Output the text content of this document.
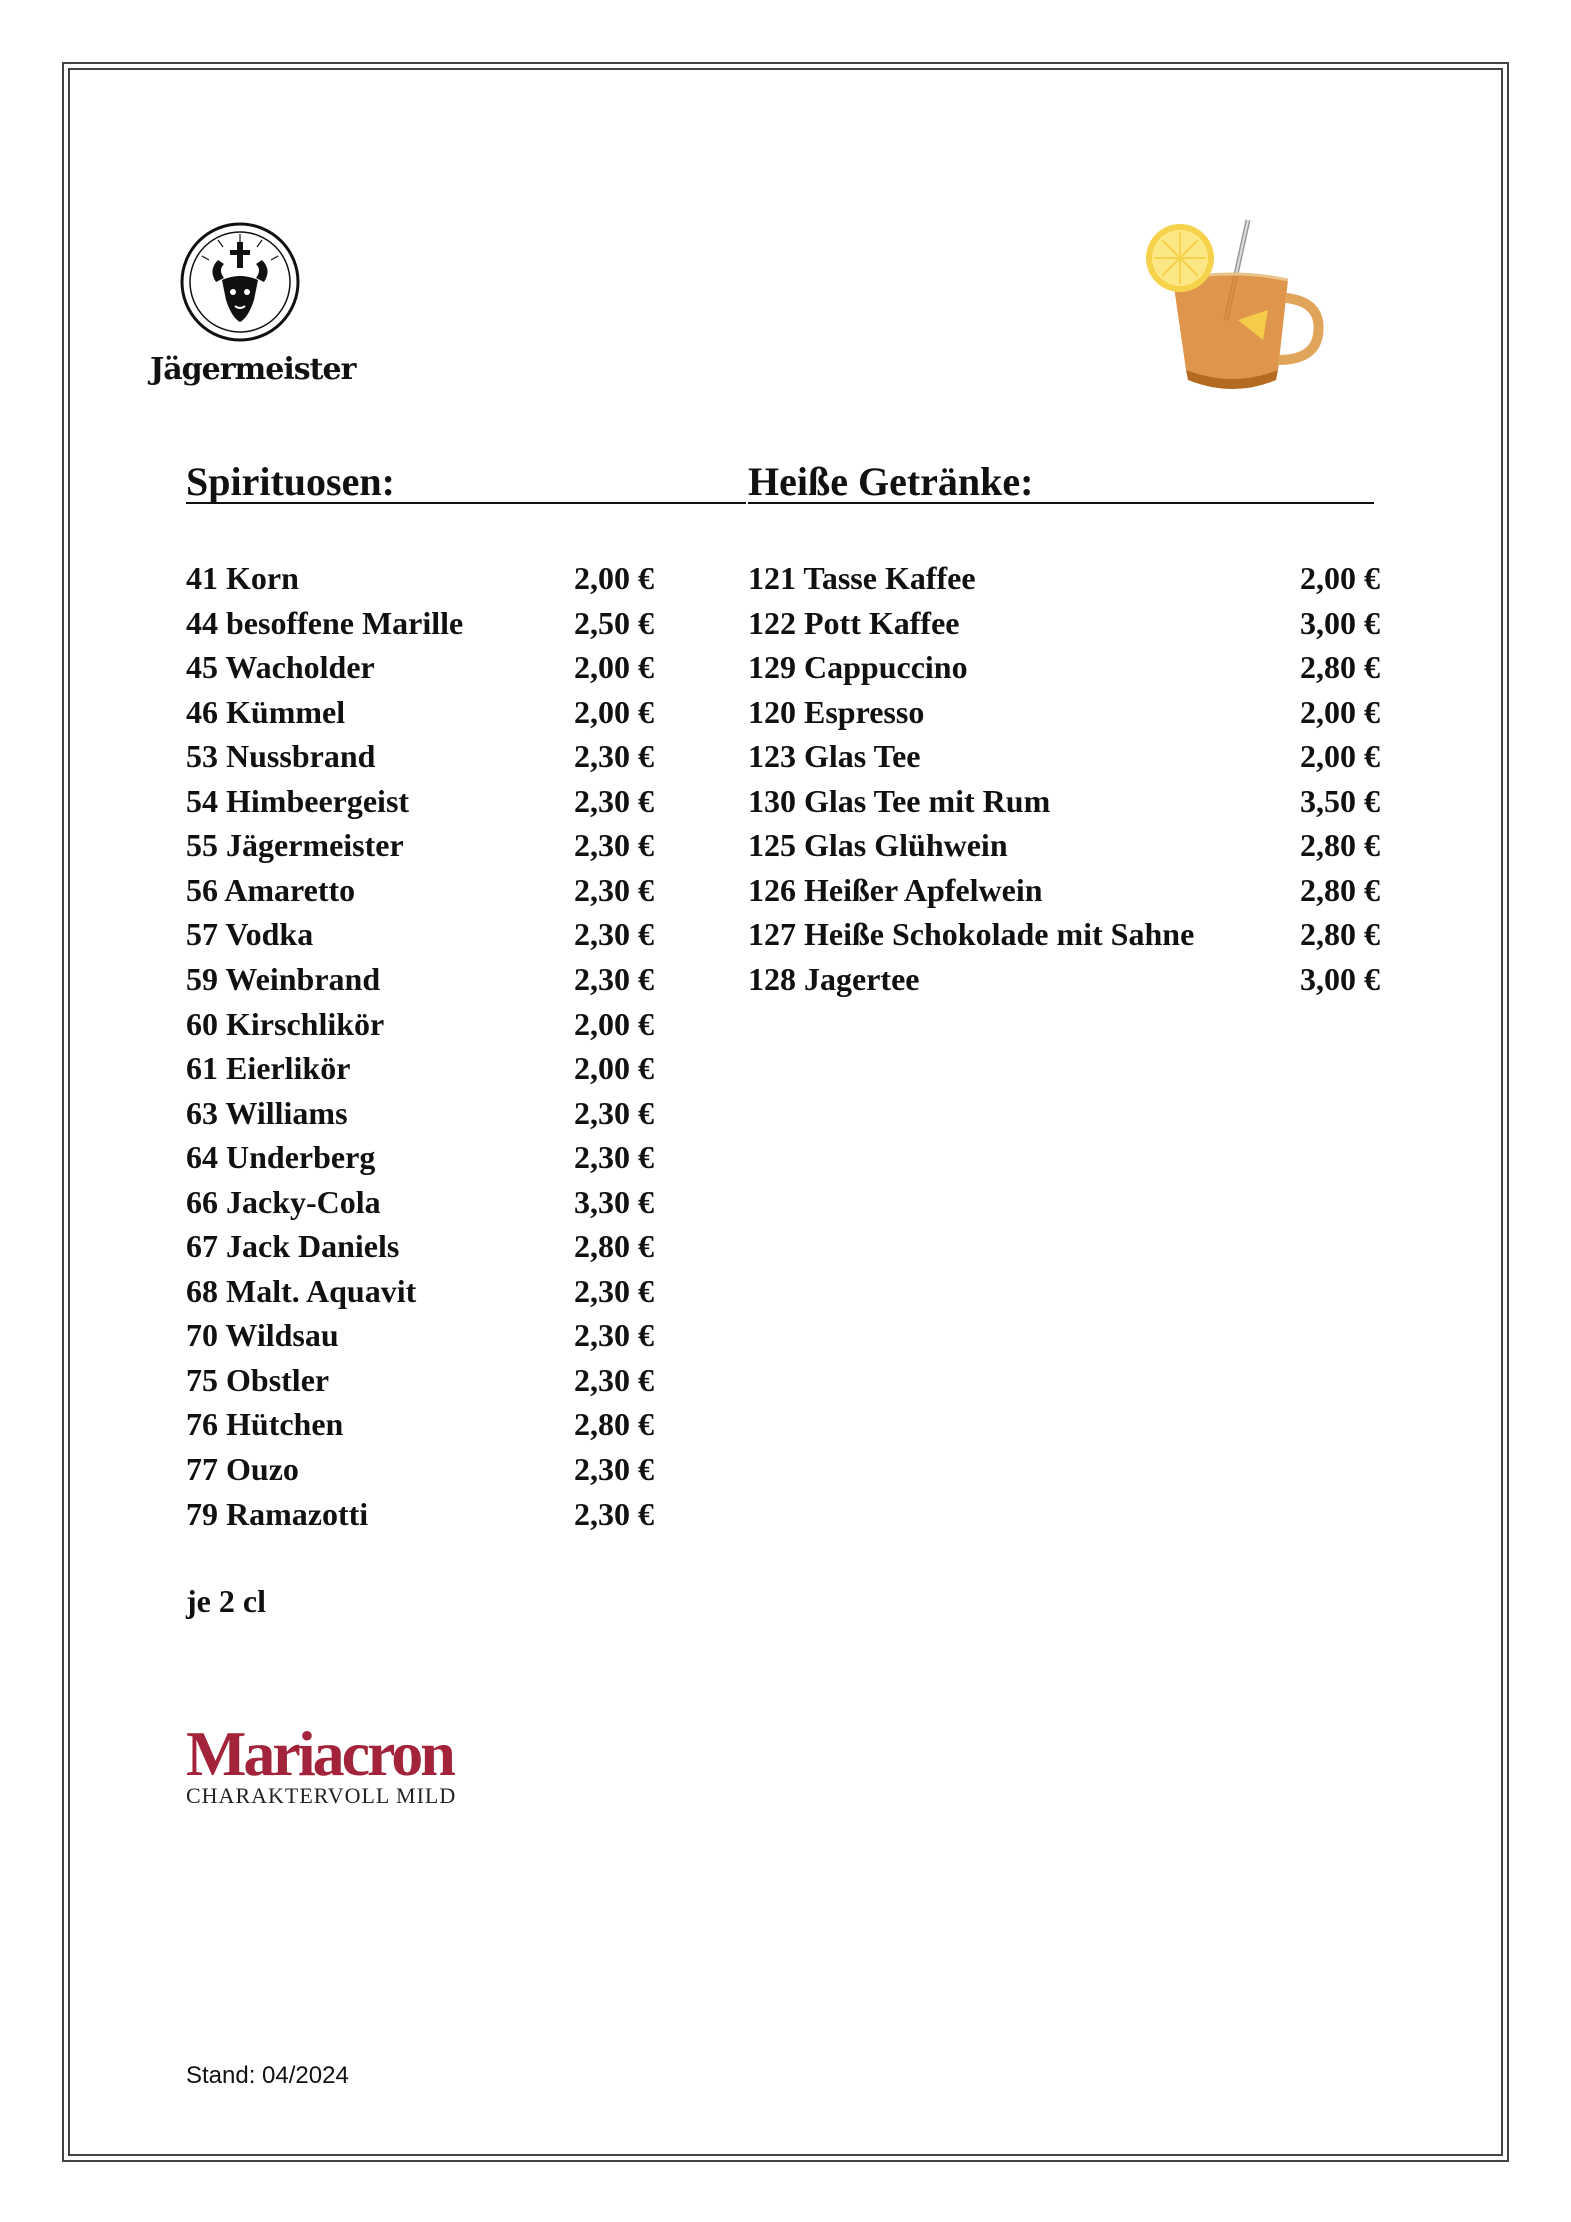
Jägermeister
Spirituosen:
41 Korn	2,00 €
44 besoffene Marille	2,50 €
45 Wacholder	2,00 €
46 Kümmel	2,00 €
53 Nussbrand	2,30 €
54 Himbeergeist	2,30 €
55 Jägermeister	2,30 €
56 Amaretto	2,30 €
57 Vodka	2,30 €
59 Weinbrand	2,30 €
60 Kirschlikör	2,00 €
61 Eierlikör	2,00 €
63 Williams	2,30 €
64 Underberg	2,30 €
66 Jacky-Cola	3,30 €
67 Jack Daniels	2,80 €
68 Malt. Aquavit	2,30 €
70 Wildsau	2,30 €
75 Obstler	2,30 €
76 Hütchen	2,80 €
77 Ouzo	2,30 €
79 Ramazotti	2,30 €
Heiße Getränke:
121 Tasse Kaffee	2,00 €
122 Pott Kaffee	3,00 €
129 Cappuccino	2,80 €
120 Espresso	2,00 €
123 Glas Tee	2,00 €
130 Glas Tee mit Rum	3,50 €
125 Glas Glühwein	2,80 €
126 Heißer Apfelwein	2,80 €
127 Heiße Schokolade mit Sahne	2,80 €
128 Jagertee	3,00 €
je 2 cl
Mariacron
CHARAKTERVOLL MILD
Stand: 04/2024
